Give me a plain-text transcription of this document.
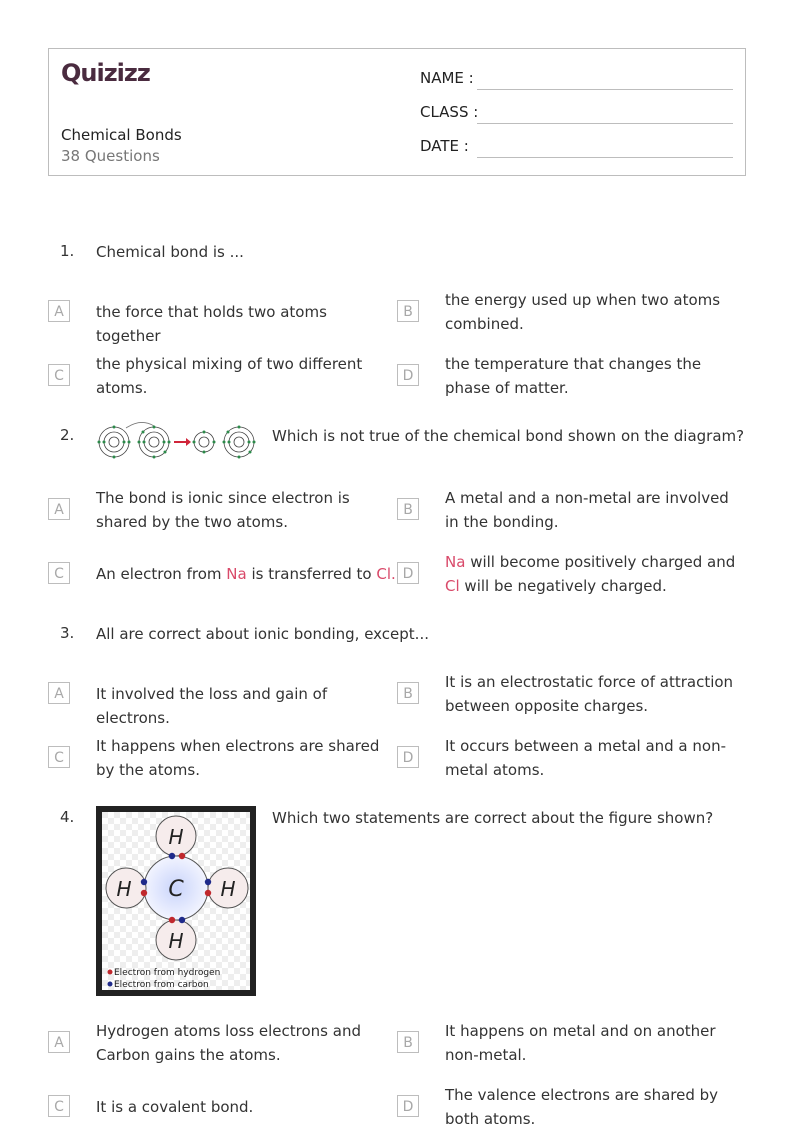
Quizizz
Chemical Bonds
38 Questions
NAME :
CLASS :
DATE :
1. Chemical bond is ...
A	the force that holds two atoms together
B
the energy used up when two atoms combined.
C
the physical mixing of two different atoms.
D
the temperature that changes the phase of matter.
2.	Which is not true of the chemical bond shown on the diagram?
A
The bond is ionic since electron is shared by the two atoms.
B
A metal and a non-metal are involved in the bonding.
C	An electron from Na is transferred to Cl. D
Na will become positively charged and Cl will be negatively charged.
3. All are correct about ionic bonding, except...
A	It involved the loss and gain of electrons.
B
It is an electrostatic force of attraction between opposite charges.
C
It happens when electrons are shared by the atoms.
D
It occurs between a metal and a non-metal atoms.
4.
C
H
H
H	H
Electron from hydrogen
Electron from carbon
Which two statements are correct about the figure shown?
A
Hydrogen atoms loss electrons and Carbon gains the atoms.
B
It happens on metal and on another non-metal.
C	It is a covalent bond.	D
The valence electrons are shared by both atoms.
